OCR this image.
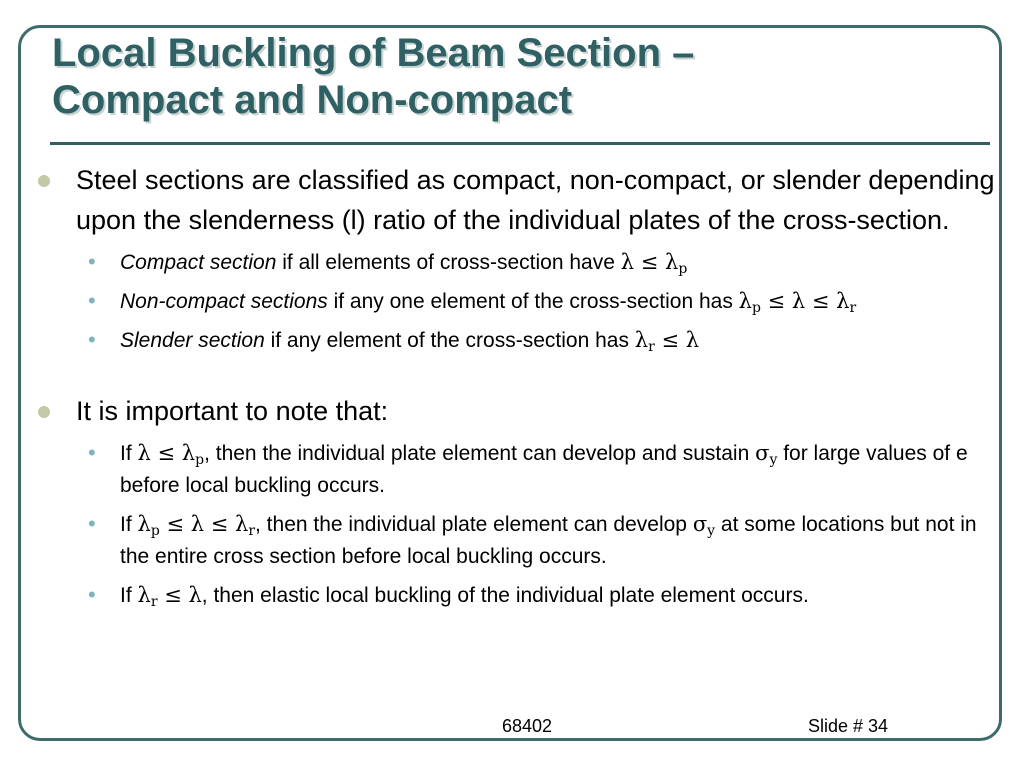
Local Buckling of Beam Section –
Compact and Non-compact
Steel sections are classified as compact, non-compact, or slender depending upon the slenderness (l) ratio of the individual plates of the cross-section.
• Compact section if all elements of cross-section have $\lambda \le \lambda_p$
• Non-compact sections if any one element of the cross-section has $\lambda_p \le \lambda \le \lambda_r$
• Slender section if any element of the cross-section has $\lambda_r \le \lambda$
It is important to note that:
• If $\lambda \le \lambda_p$, then the individual plate element can develop and sustain $\sigma_y$ for large values of e before local buckling occurs.
• If $\lambda_p \le \lambda \le \lambda_r$, then the individual plate element can develop $\sigma_y$ at some locations but not in the entire cross section before local buckling occurs.
• If $\lambda_r \le \lambda$, then elastic local buckling of the individual plate element occurs.
68402	Slide # 34
